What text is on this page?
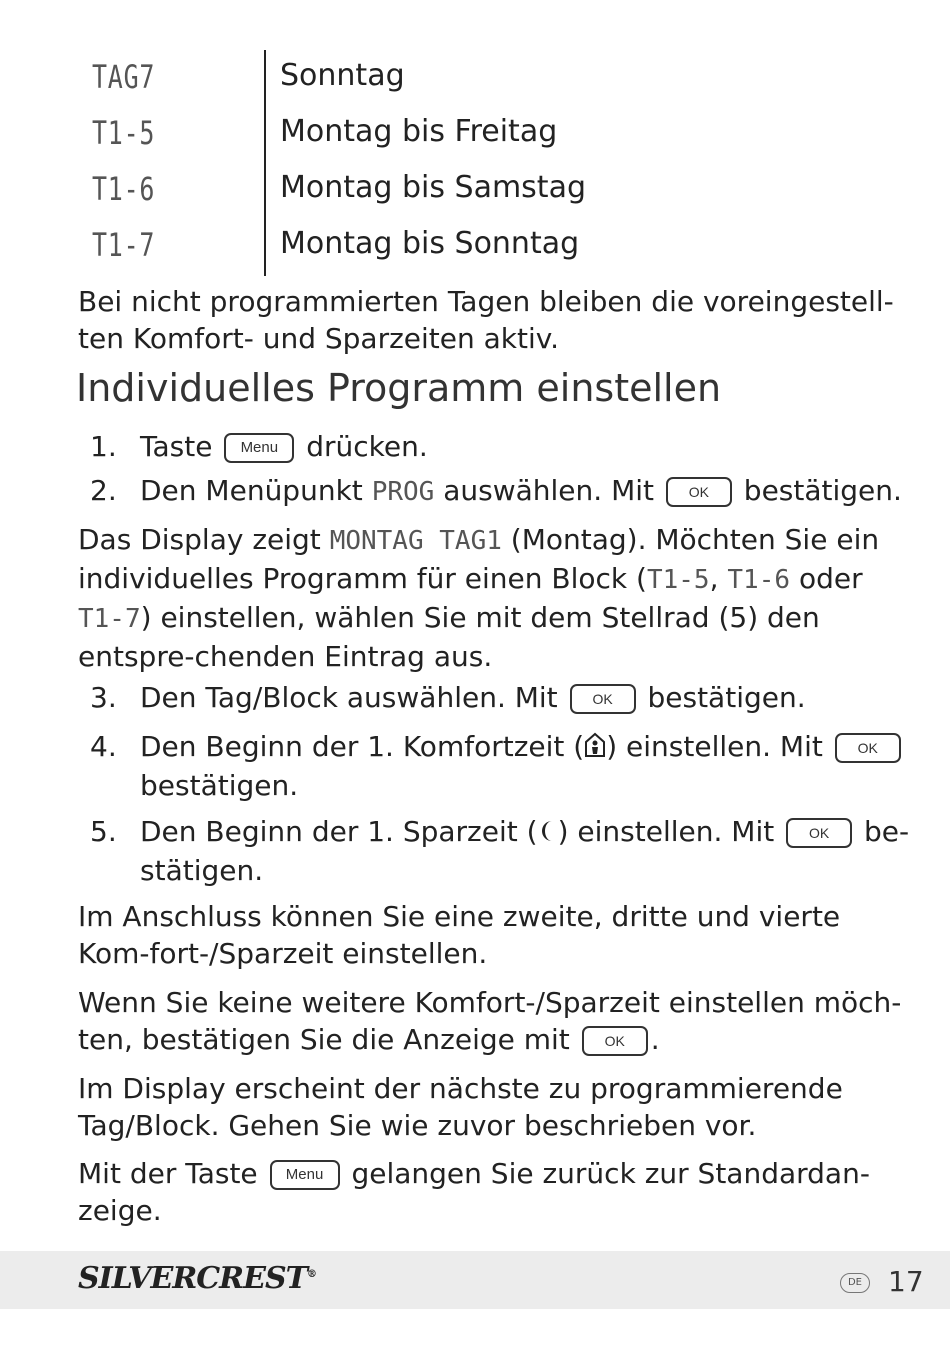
TAG7	Sonntag
T1-5	Montag bis Freitag
T1-6	Montag bis Samstag
T1-7	Montag bis Sonntag
Bei nicht programmierten Tagen bleiben die voreingestell-ten Komfort- und Sparzeiten aktiv.
Individuelles Programm einstellen
1. Taste Menu drücken.
2. Den Menüpunkt PROG auswählen. Mit OK bestätigen.
Das Display zeigt MONTAG TAG1 (Montag). Möchten Sie ein individuelles Programm für einen Block (T1-5, T1-6 oder T1-7) einstellen, wählen Sie mit dem Stellrad (5) den entspre-chenden Eintrag aus.
3. Den Tag/Block auswählen. Mit OK bestätigen.
4. Den Beginn der 1. Komfortzeit ( ) einstellen. Mit OK bestätigen.
5. Den Beginn der 1. Sparzeit ( ) einstellen. Mit OK be-stätigen.
Im Anschluss können Sie eine zweite, dritte und vierte Kom-fort-/Sparzeit einstellen.
Wenn Sie keine weitere Komfort-/Sparzeit einstellen möch-ten, bestätigen Sie die Anzeige mit OK .
Im Display erscheint der nächste zu programmierende Tag/Block. Gehen Sie wie zuvor beschrieben vor.
Mit der Taste Menu gelangen Sie zurück zur Standardan-zeige.
SILVERCREST®
DE 17
